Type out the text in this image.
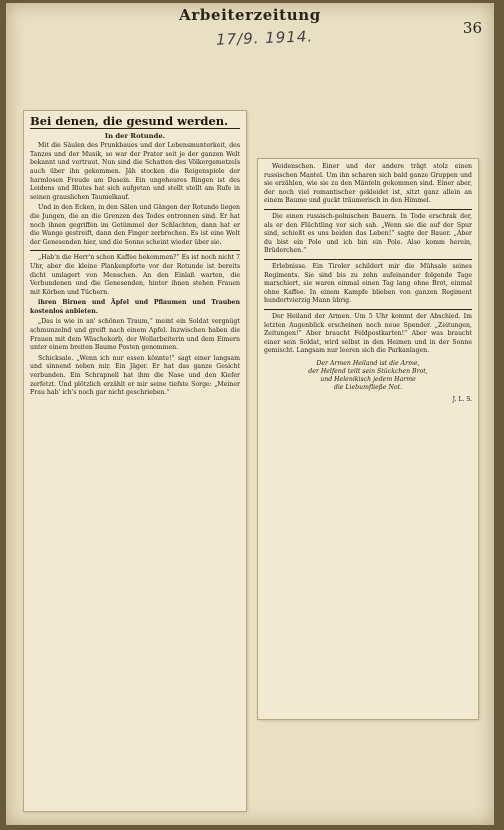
Arbeiterzeitung
36
17/9. 1914.
Bei denen, die gesund werden.
In der Rotunde.

Mit die Säulen des Prunkbaues und der Lebensmunterkeit, des Tanzes und der Musik, so war der Prater seit je der ganzen Welt bekannt und vertraut. Nun sind die Schatten des Völkergemetzels auch über ihn gekommen. Jäh stocken die Reigenspiele der harmlosen Freude am Dasein. Ein ungeheures Ringen ist des Leidens und Blutes hat sich aufgetan und stellt stellt am Rufe in seinen grauslichen Taumelkauf.

Und in den Ecken, in den Sälen und Gängen der Rotunde liegen die Jungen, die an die Grenzen des Todes entronnen sind. Er hat noch ihnen gegriffen im Getümmel der Schlachten, dann hat er die Wange gestreift, dann den Finger zerbrochen. Es ist eine Welt der Genesenden hier, und die Sonne scheint wieder über sie.

„Hab'n die Herr'n schon Kaffee bekommen?“ Es ist noch nicht 7 Uhr, aber die kleine Plankenpforte vor der Rotunde ist bereits dicht umlagert von Menschen. An den Einlaß warten, die Verbundenen und die Genesenden, hinter ihnen stehen Frauen mit Körben und Tüchern.

ihren Birnen und Äpfel und Pflaumen und Trauben kostenlos anbieten.

„Das is wie in an' schönen Traum,“ meint ein Soldat vergnügt schmunzelnd und greift nach einem Apfel. Inzwischen haben die Frauen mit dem Wäschekorb, der Wollarbeiterin und dem Eimern unter einem breiten Baume Posten genommen.

Schicksale. „Wenn ich nur essen könnte!“ sagt einer langsam und sinnend neben mir. Ein Jäger. Er hat das ganze Gesicht verbunden. Ein Schrapnell hat ihm die Nase und den Kiefer zerfetzt. Und plötzlich erzählt er mir seine tiefste Sorge: „Meiner Frau hab' ich's noch gar nicht geschrieben.“

Weidenschen. Einer und der andere trägt stolz einen russischen Mantel. Um ihn scharen sich bald ganze Gruppen und sie erzählen, wie sie zu den Mänteln gekommen sind. Einer aber, der noch viel romantischer gekleidet ist, sitzt ganz allein an einem Baume und guckt träumerisch in den Himmel.

Die einen russisch-polnischen Bauern. In Tode erschrak der, als er den Flüchtling vor sich sah. „Wenn sie die auf der Spur sind, schießt es uns beiden das Leben!“ sagte der Bauer. „Aber du bist ein Pole und ich bin ein Pole. Also komm herein, Brüderchen.“

Erlebnisse. Ein Tiroler schildert mir die Mühsale seines Regiments. Sie sind bis zu zehn aufeinander folgende Tage marschiert, sie waren einmal einen Tag lang ohne Brot, einmal ohne Kaffee. In einem Kampfe blieben von ganzen Regiment hundertvierzig Mann übrig.

Der Heiland der Armen. Um 5 Uhr kommt der Abschied. Im letzten Augenblick erscheinen noch neue Spender. „Zeitungen, Zeitungen!“ Aber braucht Feldpostkarten!“ Aber was braucht einer sein Soldat, wird selbst in den Heimen und in der Sonne gemischt. Langsam nur leeren sich die Parkanlagen.

Der Armen Heiland ist die Arme,
der Helfend teilt sein Stückchen Brot,
und Helenikisch jedem Harme
die Liebumfließe Not.
J. L. S.
